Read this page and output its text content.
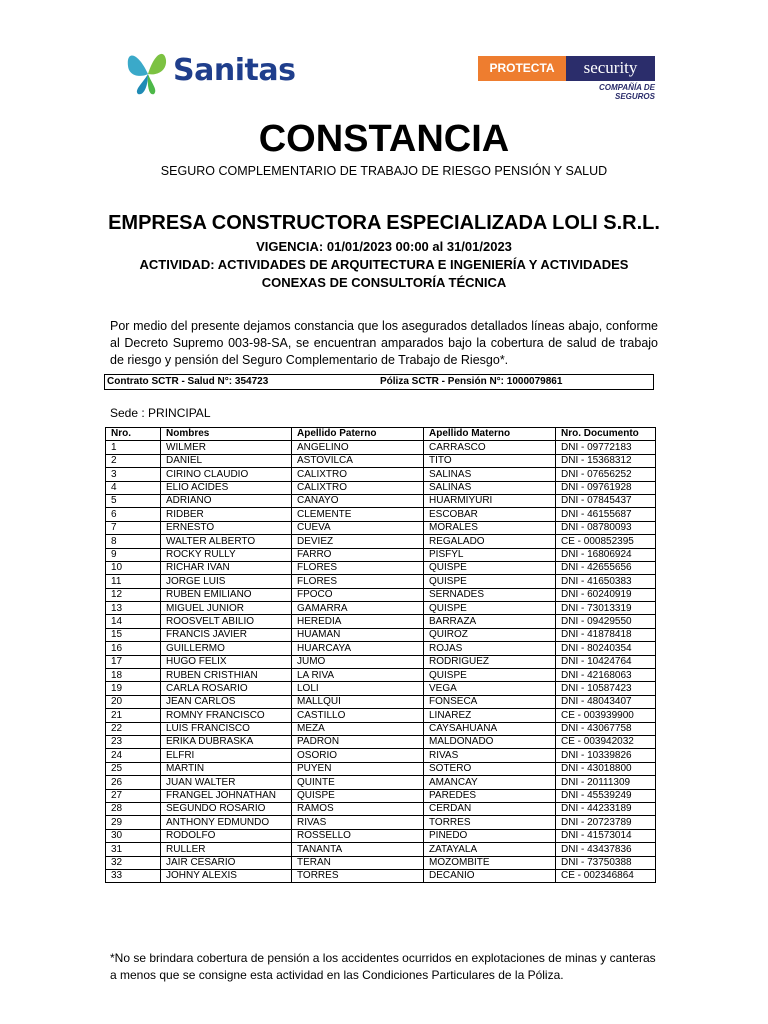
Sanitas	PROTECTA	security
COMPAÑÍA DE SEGUROS
CONSTANCIA
SEGURO COMPLEMENTARIO DE TRABAJO DE RIESGO PENSIÓN Y SALUD
EMPRESA CONSTRUCTORA ESPECIALIZADA LOLI S.R.L.
VIGENCIA: 01/01/2023 00:00 al 31/01/2023
ACTIVIDAD: ACTIVIDADES DE ARQUITECTURA E INGENIERÍA Y ACTIVIDADES CONEXAS DE CONSULTORÍA TÉCNICA
Por medio del presente dejamos constancia que los asegurados detallados líneas abajo, conforme al Decreto Supremo 003-98-SA, se encuentran amparados bajo la cobertura de salud de trabajo de riesgo y pensión del Seguro Complementario de Trabajo de Riesgo*.
Contrato SCTR - Salud N°: 354723	Póliza SCTR - Pensión N°: 1000079861
Sede : PRINCIPAL
Nro.	Nombres	Apellido Paterno	Apellido Materno	Nro. Documento
1	WILMER	ANGELINO	CARRASCO	DNI - 09772183
2	DANIEL	ASTOVILCA	TITO	DNI - 15368312
3	CIRINO CLAUDIO	CALIXTRO	SALINAS	DNI - 07656252
4	ELIO ACIDES	CALIXTRO	SALINAS	DNI - 09761928
5	ADRIANO	CANAYO	HUARMIYURI	DNI - 07845437
6	RIDBER	CLEMENTE	ESCOBAR	DNI - 46155687
7	ERNESTO	CUEVA	MORALES	DNI - 08780093
8	WALTER ALBERTO	DEVIEZ	REGALADO	CE - 000852395
9	ROCKY RULLY	FARRO	PISFYL	DNI - 16806924
10	RICHAR IVAN	FLORES	QUISPE	DNI - 42655656
11	JORGE LUIS	FLORES	QUISPE	DNI - 41650383
12	RUBEN EMILIANO	FPOCO	SERNADES	DNI - 60240919
13	MIGUEL JUNIOR	GAMARRA	QUISPE	DNI - 73013319
14	ROOSVELT ABILIO	HEREDIA	BARRAZA	DNI - 09429550
15	FRANCIS JAVIER	HUAMAN	QUIROZ	DNI - 41878418
16	GUILLERMO	HUARCAYA	ROJAS	DNI - 80240354
17	HUGO FELIX	JUMO	RODRIGUEZ	DNI - 10424764
18	RUBEN CRISTHIAN	LA RIVA	QUISPE	DNI - 42168063
19	CARLA ROSARIO	LOLI	VEGA	DNI - 10587423
20	JEAN CARLOS	MALLQUI	FONSECA	DNI - 48043407
21	ROMNY FRANCISCO	CASTILLO	LINAREZ	CE - 003939900
22	LUIS FRANCISCO	MEZA	CAYSAHUANA	DNI - 43067758
23	ERIKA DUBRASKA	PADRON	MALDONADO	CE - 003942032
24	ELFRI	OSORIO	RIVAS	DNI - 10339826
25	MARTIN	PUYEN	SOTERO	DNI - 43018800
26	JUAN WALTER	QUINTE	AMANCAY	DNI - 20111309
27	FRANGEL JOHNATHAN	QUISPE	PAREDES	DNI - 45539249
28	SEGUNDO ROSARIO	RAMOS	CERDAN	DNI - 44233189
29	ANTHONY EDMUNDO	RIVAS	TORRES	DNI - 20723789
30	RODOLFO	ROSSELLO	PINEDO	DNI - 41573014
31	RULLER	TANANTA	ZATAYALA	DNI - 43437836
32	JAIR CESARIO	TERAN	MOZOMBITE	DNI - 73750388
33	JOHNY ALEXIS	TORRES	DECANIO	CE - 002346864
*No se brindara cobertura de pensión a los accidentes ocurridos en explotaciones de minas y canteras a menos que se consigne esta actividad en las Condiciones Particulares de la Póliza.
